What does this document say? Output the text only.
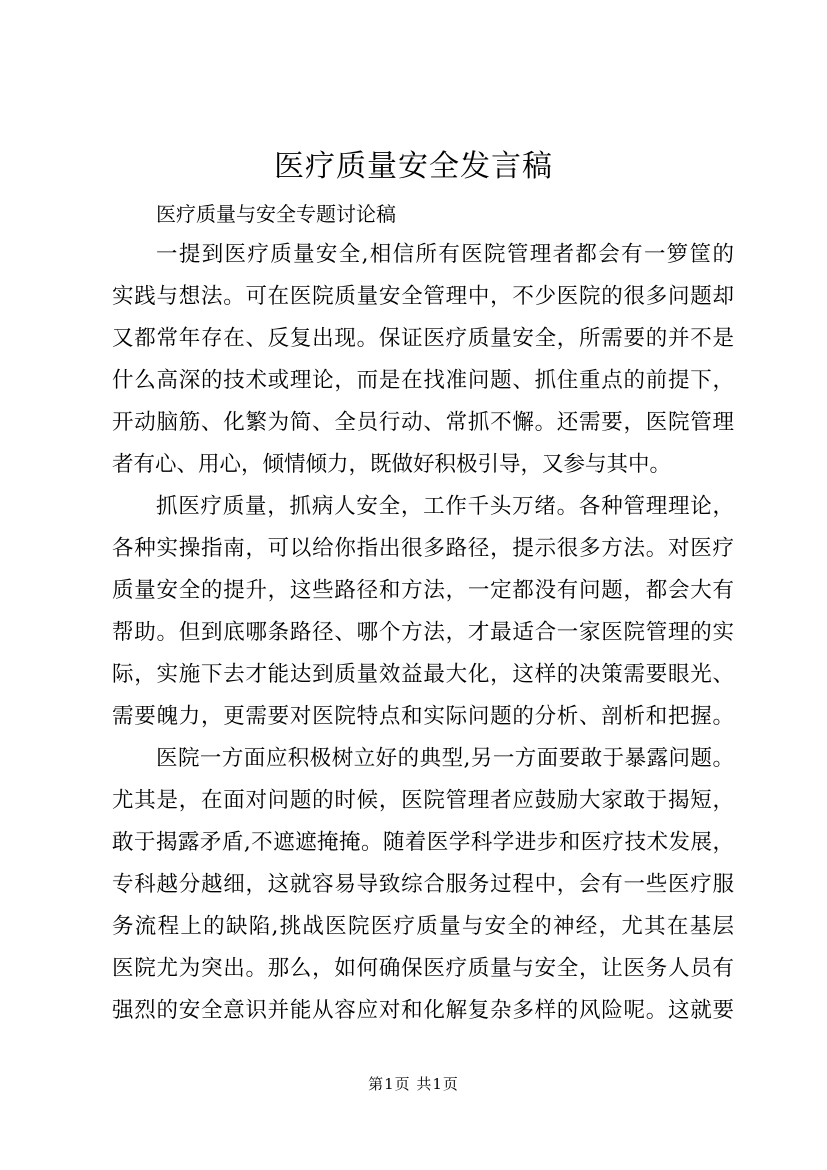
医疗质量安全发言稿
医疗质量与安全专题讨论稿
一提到医疗质量安全,相信所有医院管理者都会有一箩筐的
实践与想法。可在医院质量安全管理中，不少医院的很多问题却
又都常年存在、反复出现。保证医疗质量安全，所需要的并不是
什么高深的技术或理论，而是在找准问题、抓住重点的前提下，
开动脑筋、化繁为简、全员行动、常抓不懈。还需要，医院管理
者有心、用心，倾情倾力，既做好积极引导，又参与其中。
抓医疗质量，抓病人安全，工作千头万绪。各种管理理论，
各种实操指南，可以给你指出很多路径，提示很多方法。对医疗
质量安全的提升，这些路径和方法，一定都没有问题，都会大有
帮助。但到底哪条路径、哪个方法，才最适合一家医院管理的实
际，实施下去才能达到质量效益最大化，这样的决策需要眼光、
需要魄力，更需要对医院特点和实际问题的分析、剖析和把握。
医院一方面应积极树立好的典型,另一方面要敢于暴露问题。
尤其是，在面对问题的时候，医院管理者应鼓励大家敢于揭短，
敢于揭露矛盾,不遮遮掩掩。随着医学科学进步和医疗技术发展，
专科越分越细，这就容易导致综合服务过程中，会有一些医疗服
务流程上的缺陷,挑战医院医疗质量与安全的神经，尤其在基层
医院尤为突出。那么，如何确保医疗质量与安全，让医务人员有
强烈的安全意识并能从容应对和化解复杂多样的风险呢。这就要
第1页 共1页
